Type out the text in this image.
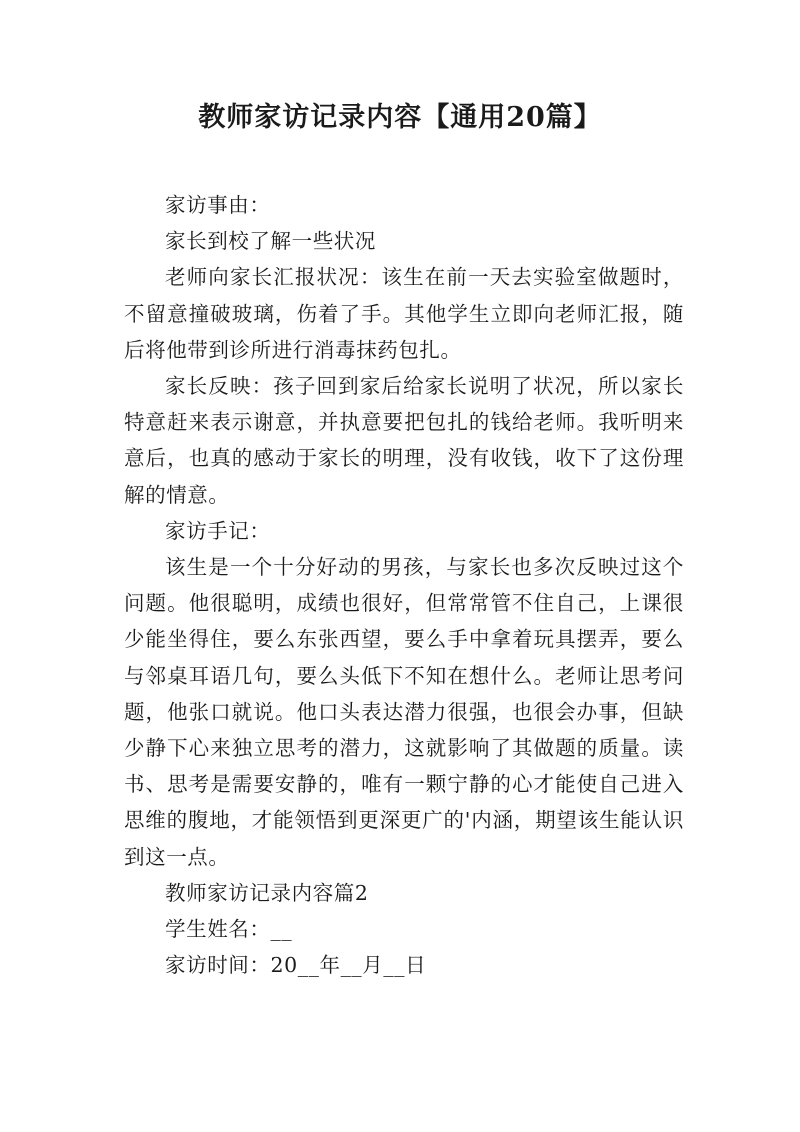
教师家访记录内容【通用20篇】

家访事由：

家长到校了解一些状况

老师向家长汇报状况：该生在前一天去实验室做题时，不留意撞破玻璃，伤着了手。其他学生立即向老师汇报，随后将他带到诊所进行消毒抹药包扎。

家长反映：孩子回到家后给家长说明了状况，所以家长特意赶来表示谢意，并执意要把包扎的钱给老师。我听明来意后，也真的感动于家长的明理，没有收钱，收下了这份理解的情意。

家访手记：

该生是一个十分好动的男孩，与家长也多次反映过这个问题。他很聪明，成绩也很好，但常常管不住自己，上课很少能坐得住，要么东张西望，要么手中拿着玩具摆弄，要么与邻桌耳语几句，要么头低下不知在想什么。老师让思考问题，他张口就说。他口头表达潜力很强，也很会办事，但缺少静下心来独立思考的潜力，这就影响了其做题的质量。读书、思考是需要安静的，唯有一颗宁静的心才能使自己进入思维的腹地，才能领悟到更深更广的'内涵，期望该生能认识到这一点。

教师家访记录内容篇2

学生姓名：__

家访时间：20__年__月__日
